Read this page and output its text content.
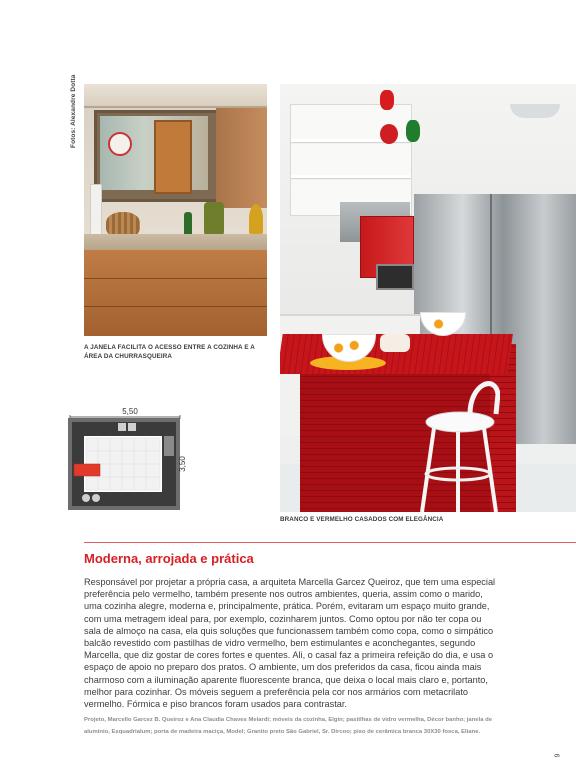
Fotos: Alexandre Dotta
A JANELA FACILITA O ACESSO ENTRE A COZINHA E A ÁREA DA CHURRASQUEIRA
5,50
3,50
BRANCO E VERMELHO CASADOS COM ELEGÂNCIA
Moderna, arrojada e prática
Responsável por projetar a própria casa, a arquiteta Marcella Garcez Queiroz, que tem uma especial preferência pelo vermelho, também presente nos outros ambientes, queria, assim como o marido, uma cozinha alegre, moderna e, principalmente, prática. Porém, evitaram um espaço muito grande, com uma metragem ideal para, por exemplo, cozinharem juntos. Como optou por não ter copa ou sala de almoço na casa, ela quis soluções que funcionassem também como copa, como o simpático balcão revestido com pastilhas de vidro vermelho, bem estimulantes e aconchegantes, segundo Marcella, que diz gostar de cores fortes e quentes. Ali, o casal faz a primeira refeição do dia, e usa o espaço de apoio no preparo dos pratos. O ambiente, um dos preferidos da casa, ficou ainda mais charmoso com a iluminação aparente fluorescente branca, que deixa o local mais claro e, portanto, melhor para cozinhar. Os móveis seguem a preferência pela cor nos armários com metacrilato vermelho. Fórmica e piso brancos foram usados para contrastar.
Projeto, Marcello Garcez B. Queiroz e Ana Claudia Chaves Melardi; móveis da cozinha, Elgin; pastilhas de vidro vermelha, Décor banho; janela de alumínio, Esquadrialum; porta de madeira maciça, Model; Granito preto São Gabriel, Sr. Dircoo; piso de cerâmica branca 30X30 fosca, Eliane.
9
